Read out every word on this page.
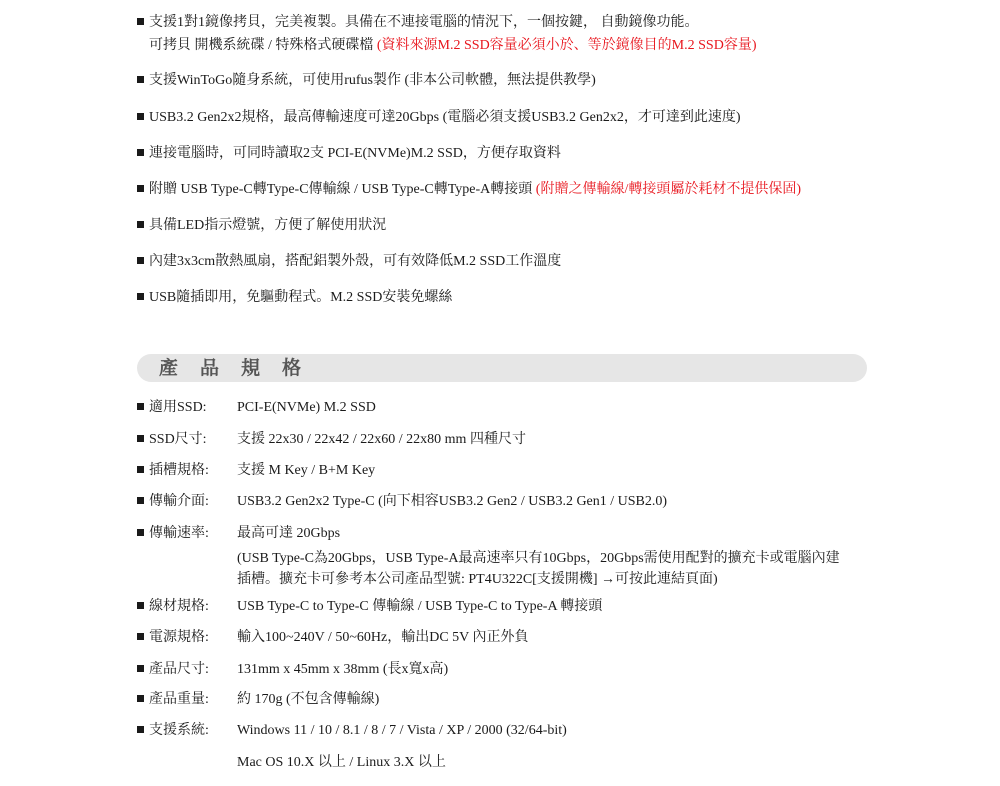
支援1對1鏡像拷貝，完美複製。具備在不連接電腦的情況下，一個按鍵， 自動鏡像功能。
可拷貝 開機系統碟 / 特殊格式硬碟檔 (資料來源M.2 SSD容量必須小於、等於鏡像目的M.2 SSD容量)
支援WinToGo隨身系統，可使用rufus製作 (非本公司軟體，無法提供教學)
USB3.2 Gen2x2規格，最高傳輸速度可達20Gbps (電腦必須支援USB3.2 Gen2x2，才可達到此速度)
連接電腦時，可同時讀取2支 PCI-E(NVMe)M.2 SSD，方便存取資料
附贈 USB Type-C轉Type-C傳輸線 / USB Type-C轉Type-A轉接頭 (附贈之傳輸線/轉接頭屬於耗材不提供保固)
具備LED指示燈號，方便了解使用狀況
內建3x3cm散熱風扇，搭配鋁製外殼，可有效降低M.2 SSD工作溫度
USB隨插即用，免驅動程式。M.2 SSD安裝免螺絲
產品規格
適用SSD: PCI-E(NVMe) M.2 SSD
SSD尺寸: 支援 22x30 / 22x42 / 22x60 / 22x80 mm 四種尺寸
插槽規格: 支援 M Key / B+M Key
傳輸介面: USB3.2 Gen2x2 Type-C (向下相容USB3.2 Gen2 / USB3.2 Gen1 / USB2.0)
傳輸速率: 最高可達 20Gbps
(USB Type-C為20Gbps，USB Type-A最高速率只有10Gbps，20Gbps需使用配對的擴充卡或電腦內建
插槽。擴充卡可參考本公司產品型號: PT4U322C[支援開機] →可按此連結頁面)
線材規格: USB Type-C to Type-C 傳輸線 / USB Type-C to Type-A 轉接頭
電源規格: 輸入100~240V / 50~60Hz，輸出DC 5V 內正外負
產品尺寸: 131mm x 45mm x 38mm (長x寬x高)
產品重量: 約 170g (不包含傳輸線)
支援系統: Windows 11 / 10 / 8.1 / 8 / 7 / Vista / XP / 2000 (32/64-bit)
Mac OS 10.X 以上 / Linux 3.X 以上
